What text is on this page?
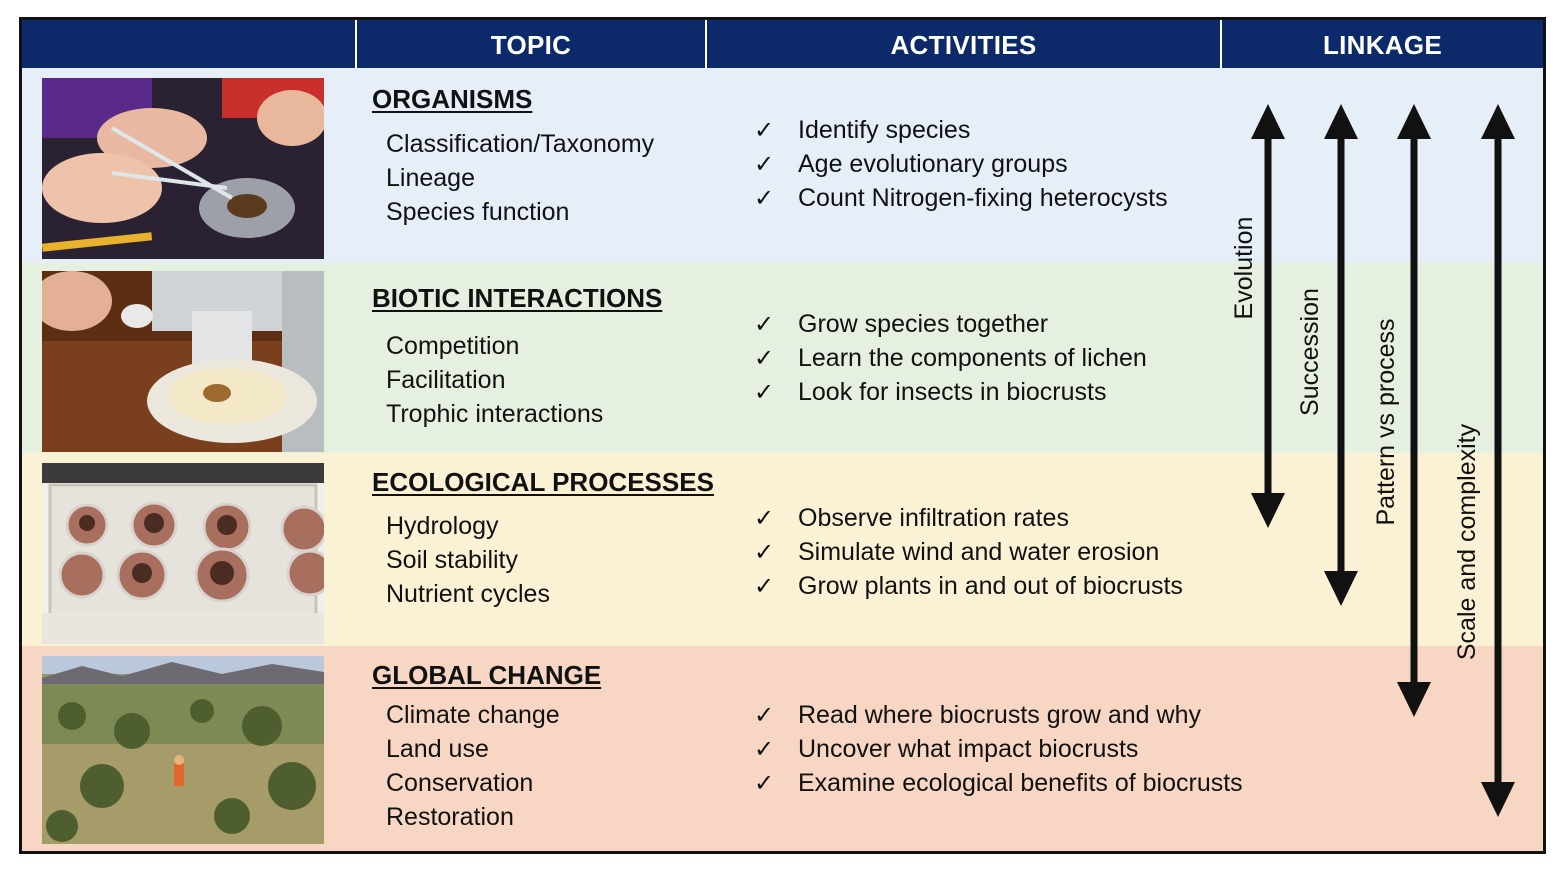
TOPIC	ACTIVITIES	LINKAGE
ORGANISMS
Classification/Taxonomy
Lineage
Species function
✓ Identify species
✓ Age evolutionary groups
✓ Count Nitrogen-fixing heterocysts
BIOTIC INTERACTIONS
Competition
Facilitation
Trophic interactions
✓ Grow species together
✓ Learn the components of lichen
✓ Look for insects in biocrusts
ECOLOGICAL PROCESSES
Hydrology
Soil stability
Nutrient cycles
✓ Observe infiltration rates
✓ Simulate wind and water erosion
✓ Grow plants in and out of biocrusts
GLOBAL CHANGE
Climate change
Land use
Conservation
Restoration
✓ Read where biocrusts grow and why
✓ Uncover what impact biocrusts
✓ Examine ecological benefits of biocrusts
Evolution
Succession Pattern vs process
Scale and complexity
